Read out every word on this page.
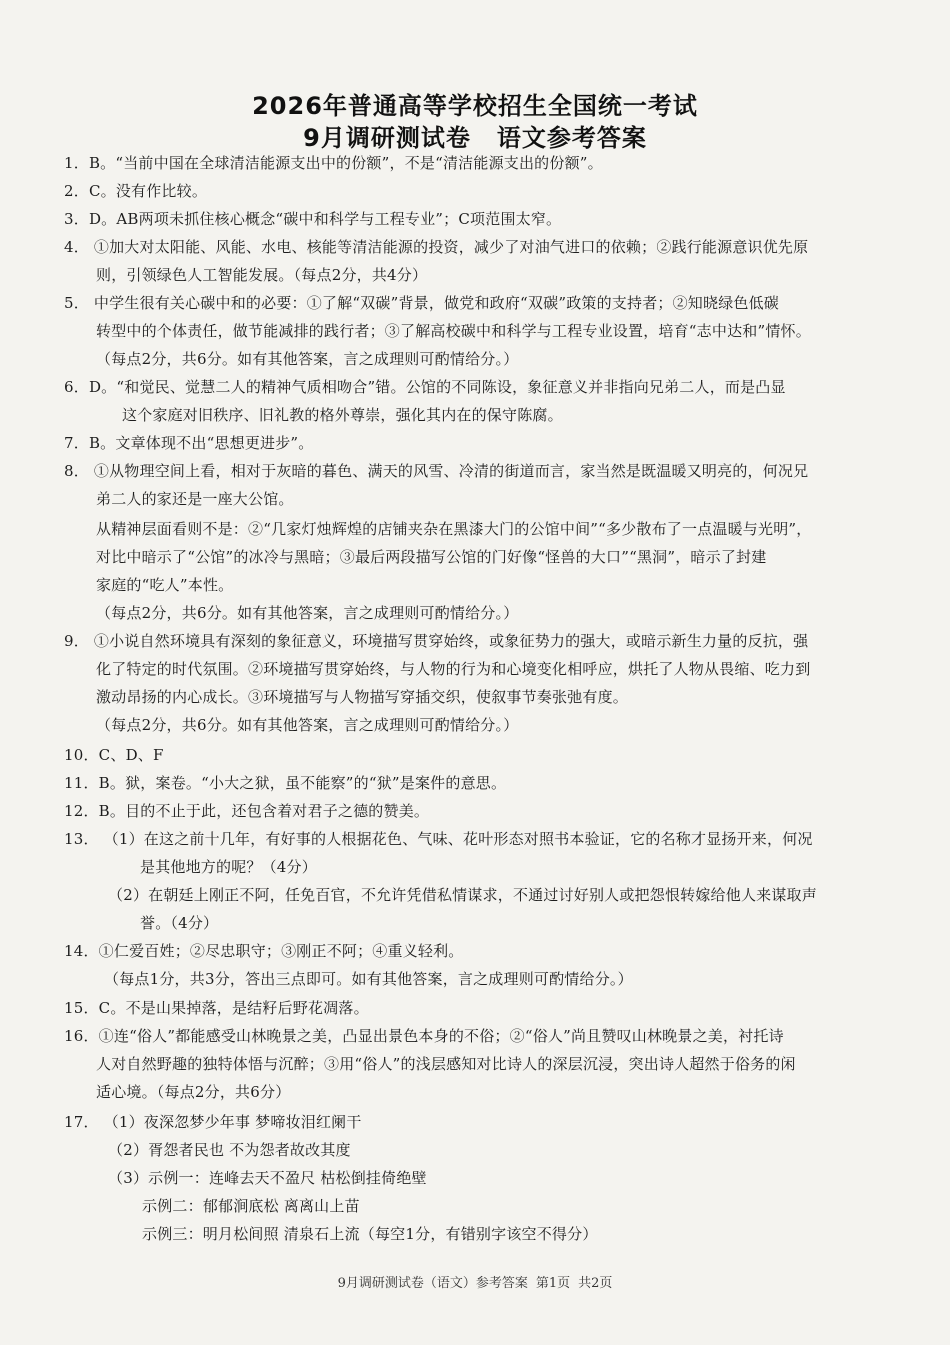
2026年普通高等学校招生全国统一考试
9月调研测试卷 语文参考答案
1．B。“当前中国在全球清洁能源支出中的份额”，不是“清洁能源支出的份额”。
2．C。没有作比较。
3．D。AB两项未抓住核心概念“碳中和科学与工程专业”；C项范围太窄。
4． ①加大对太阳能、风能、水电、核能等清洁能源的投资，减少了对油气进口的依赖；②践行能源意识优先原
则，引领绿色人工智能发展。（每点2分，共4分）
5． 中学生很有关心碳中和的必要：①了解“双碳”背景，做党和政府“双碳”政策的支持者；②知晓绿色低碳
转型中的个体责任，做节能减排的践行者；③了解高校碳中和科学与工程专业设置，培育“志中达和”情怀。
（每点2分，共6分。如有其他答案，言之成理则可酌情给分。）
6．D。“和觉民、觉慧二人的精神气质相吻合”错。公馆的不同陈设，象征意义并非指向兄弟二人，而是凸显
这个家庭对旧秩序、旧礼教的格外尊崇，强化其内在的保守陈腐。
7．B。文章体现不出“思想更进步”。
8． ①从物理空间上看，相对于灰暗的暮色、满天的风雪、冷清的街道而言，家当然是既温暖又明亮的，何况兄
弟二人的家还是一座大公馆。
从精神层面看则不是：②“几家灯烛辉煌的店铺夹杂在黑漆大门的公馆中间”“多少散布了一点温暖与光明”，
对比中暗示了“公馆”的冰冷与黑暗；③最后两段描写公馆的门好像“怪兽的大口”“黑洞”，暗示了封建
家庭的“吃人”本性。
（每点2分，共6分。如有其他答案，言之成理则可酌情给分。）
9． ①小说自然环境具有深刻的象征意义，环境描写贯穿始终，或象征势力的强大，或暗示新生力量的反抗，强
化了特定的时代氛围。②环境描写贯穿始终，与人物的行为和心境变化相呼应，烘托了人物从畏缩、吃力到
激动昂扬的内心成长。③环境描写与人物描写穿插交织，使叙事节奏张弛有度。
（每点2分，共6分。如有其他答案，言之成理则可酌情给分。）
10．C、D、F
11．B。狱，案卷。“小大之狱，虽不能察”的“狱”是案件的意思。
12．B。目的不止于此，还包含着对君子之德的赞美。
13． （1）在这之前十几年，有好事的人根据花色、气味、花叶形态对照书本验证，它的名称才显扬开来，何况
是其他地方的呢？（4分）
（2）在朝廷上刚正不阿，任免百官，不允许凭借私情谋求，不通过讨好别人或把怨恨转嫁给他人来谋取声
誉。（4分）
14．①仁爱百姓；②尽忠职守；③刚正不阿；④重义轻利。
（每点1分，共3分，答出三点即可。如有其他答案，言之成理则可酌情给分。）
15．C。不是山果掉落，是结籽后野花凋落。
16．①连“俗人”都能感受山林晚景之美，凸显出景色本身的不俗；②“俗人”尚且赞叹山林晚景之美，衬托诗
人对自然野趣的独特体悟与沉醉；③用“俗人”的浅层感知对比诗人的深层沉浸，突出诗人超然于俗务的闲
适心境。（每点2分，共6分）
17． （1）夜深忽梦少年事 梦啼妆泪红阑干
（2）胥怨者民也 不为怨者故改其度
（3）示例一：连峰去天不盈尺 枯松倒挂倚绝壁
示例二：郁郁涧底松 离离山上苗
示例三：明月松间照 清泉石上流（每空1分，有错别字该空不得分）
9月调研测试卷（语文）参考答案 第1页 共2页
